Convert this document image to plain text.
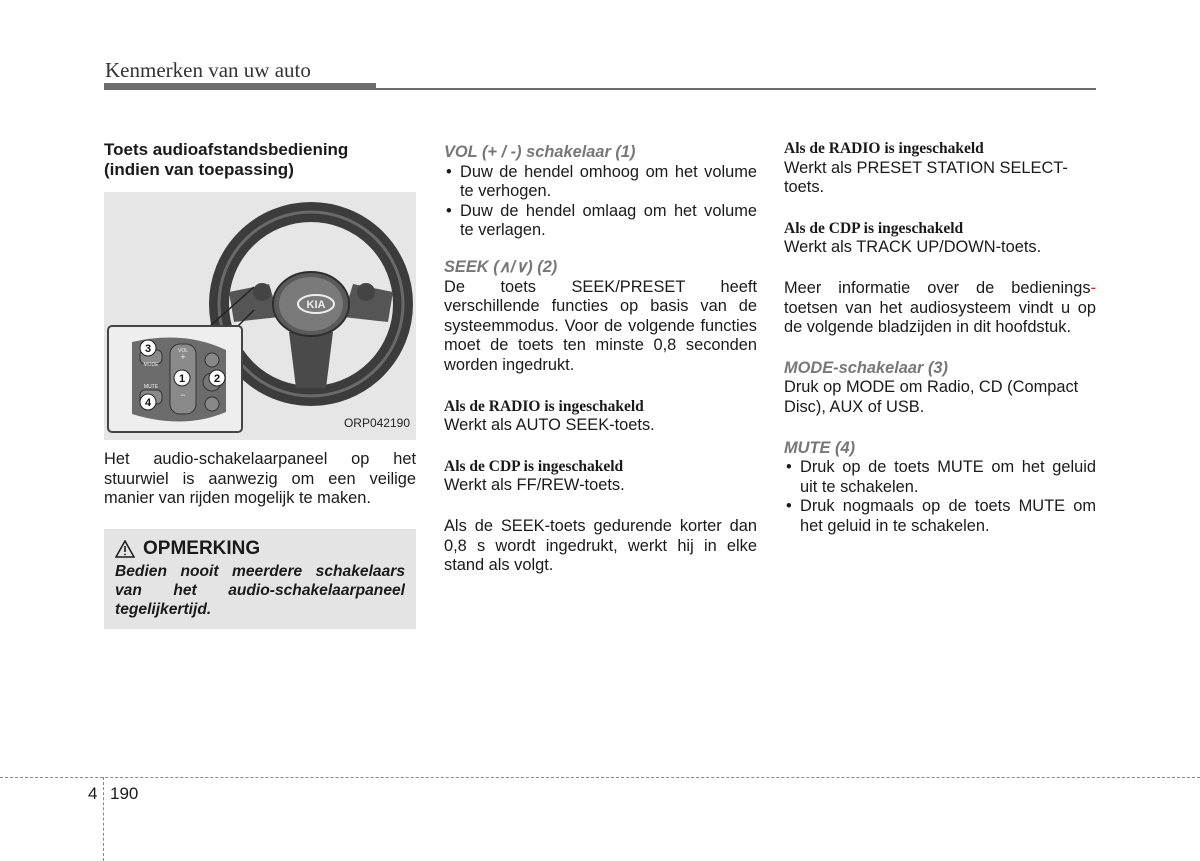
Kenmerken van uw auto
Toets audioafstandsbediening
(indien van toepassing)
KIA
MODE
MUTE
VOL
+
−
1	2
3
4
ORP042190

Het audio-schakelaarpaneel op het stuurwiel is aanwezig om een veilige manier van rijden mogelijk te maken.

OPMERKING
Bedien nooit meerdere schakelaars van het audio-schakelaarpaneel tegelijkertijd.

VOL (+ / -) schakelaar (1)

• Duw de hendel omhoog om het volume te verhogen.
• Duw de hendel omlaag om het volume te verlagen.

SEEK (∧/∨) (2)

De toets SEEK/PRESET heeft verschillende functies op basis van de systeemmodus. Voor de volgende functies moet de toets ten minste 0,8 seconden worden ingedrukt.

Als de RADIO is ingeschakeld

Werkt als AUTO SEEK-toets.

Als de CDP is ingeschakeld

Werkt als FF/REW-toets.

Als de SEEK-toets gedurende korter dan 0,8 s wordt ingedrukt, werkt hij in elke stand als volgt.

Als de RADIO is ingeschakeld

Werkt als PRESET STATION SELECT-toets.

Als de CDP is ingeschakeld

Werkt als TRACK UP/DOWN-toets.

Meer informatie over de bedienings-toetsen van het audiosysteem vindt u op de volgende bladzijden in dit hoofdstuk.

MODE-schakelaar (3)

Druk op MODE om Radio, CD (Compact Disc), AUX of USB.

MUTE (4)

• Druk op de toets MUTE om het geluid uit te schakelen.
• Druk nogmaals op de toets MUTE om het geluid in te schakelen.
4 190
